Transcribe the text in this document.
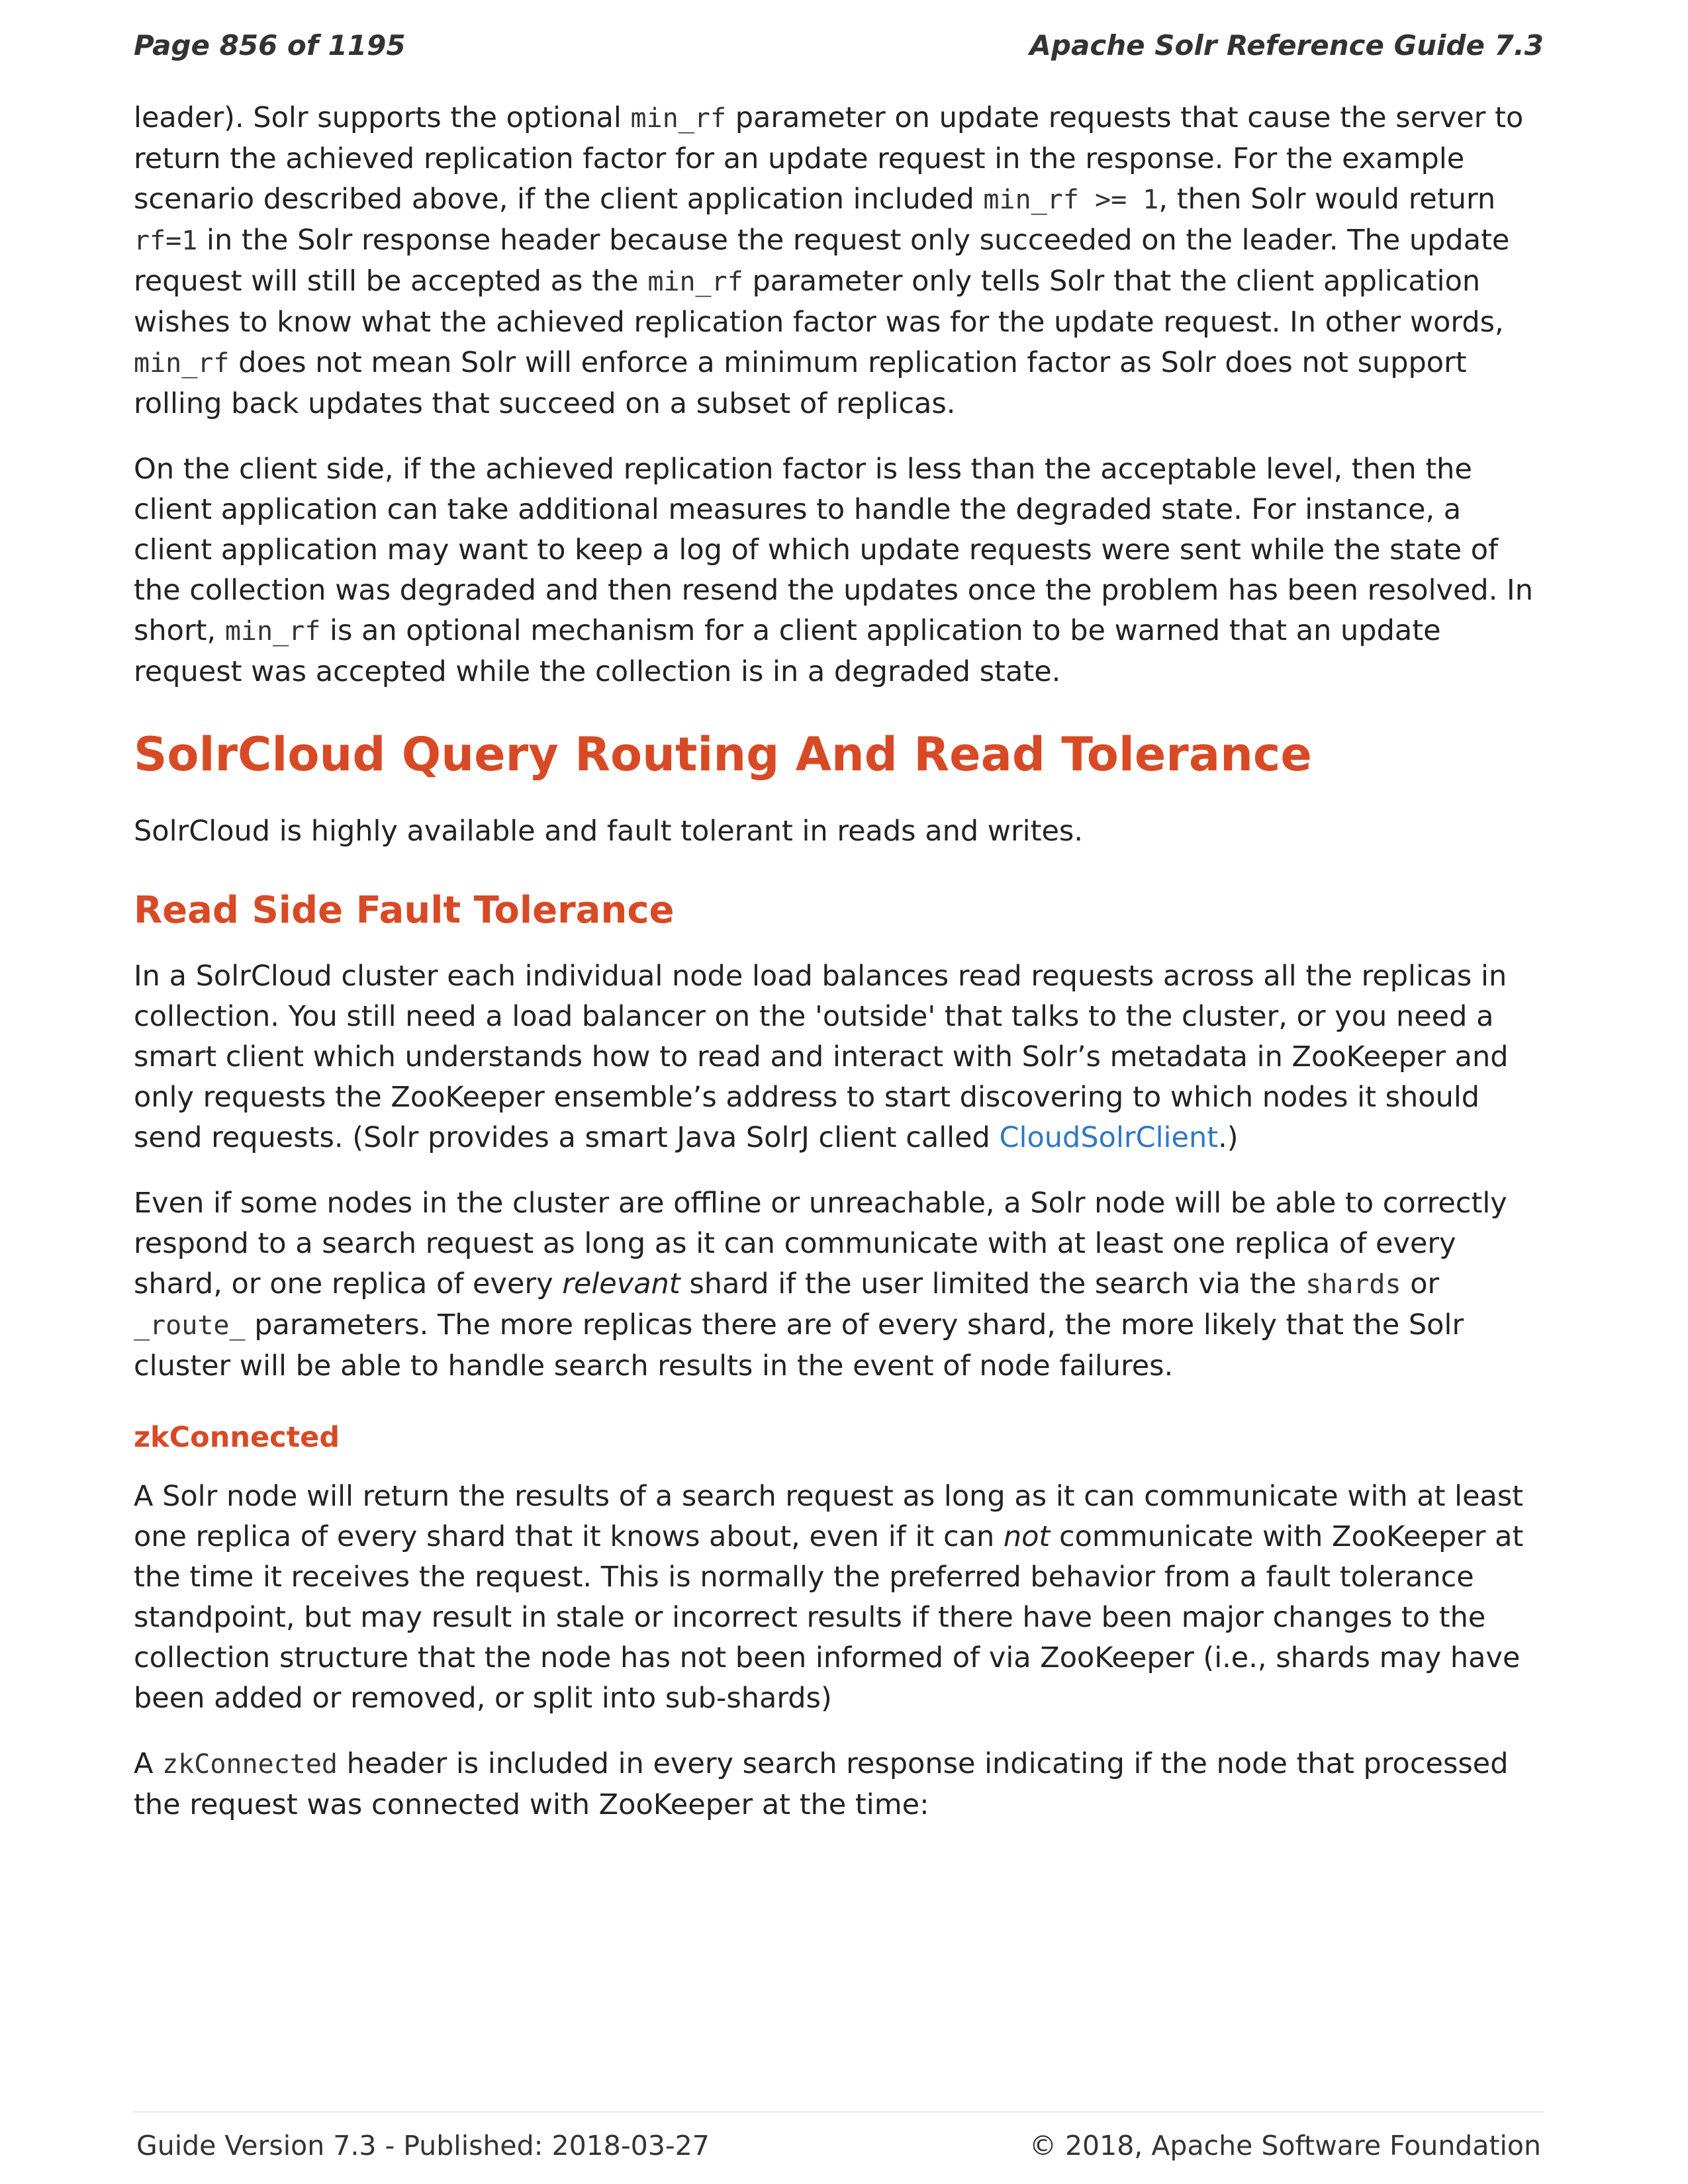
Page 856 of 1195	Apache Solr Reference Guide 7.3

leader). Solr supports the optional min_rf parameter on update requests that cause the server to return the achieved replication factor for an update request in the response. For the example scenario described above, if the client application included min_rf >= 1, then Solr would return rf=1 in the Solr response header because the request only succeeded on the leader. The update request will still be accepted as the min_rf parameter only tells Solr that the client application wishes to know what the achieved replication factor was for the update request. In other words, min_rf does not mean Solr will enforce a minimum replication factor as Solr does not support rolling back updates that succeed on a subset of replicas.

On the client side, if the achieved replication factor is less than the acceptable level, then the client application can take additional measures to handle the degraded state. For instance, a client application may want to keep a log of which update requests were sent while the state of the collection was degraded and then resend the updates once the problem has been resolved. In short, min_rf is an optional mechanism for a client application to be warned that an update request was accepted while the collection is in a degraded state.

SolrCloud Query Routing And Read Tolerance

SolrCloud is highly available and fault tolerant in reads and writes.

Read Side Fault Tolerance

In a SolrCloud cluster each individual node load balances read requests across all the replicas in collection. You still need a load balancer on the 'outside' that talks to the cluster, or you need a smart client which understands how to read and interact with Solr’s metadata in ZooKeeper and only requests the ZooKeeper ensemble’s address to start discovering to which nodes it should send requests. (Solr provides a smart Java SolrJ client called CloudSolrClient.)

Even if some nodes in the cluster are offline or unreachable, a Solr node will be able to correctly respond to a search request as long as it can communicate with at least one replica of every shard, or one replica of every relevant shard if the user limited the search via the shards or _route_ parameters. The more replicas there are of every shard, the more likely that the Solr cluster will be able to handle search results in the event of node failures.

zkConnected

A Solr node will return the results of a search request as long as it can communicate with at least one replica of every shard that it knows about, even if it can not communicate with ZooKeeper at the time it receives the request. This is normally the preferred behavior from a fault tolerance standpoint, but may result in stale or incorrect results if there have been major changes to the collection structure that the node has not been informed of via ZooKeeper (i.e., shards may have been added or removed, or split into sub-shards)

A zkConnected header is included in every search response indicating if the node that processed the request was connected with ZooKeeper at the time:

Guide Version 7.3 - Published: 2018-03-27	© 2018, Apache Software Foundation
